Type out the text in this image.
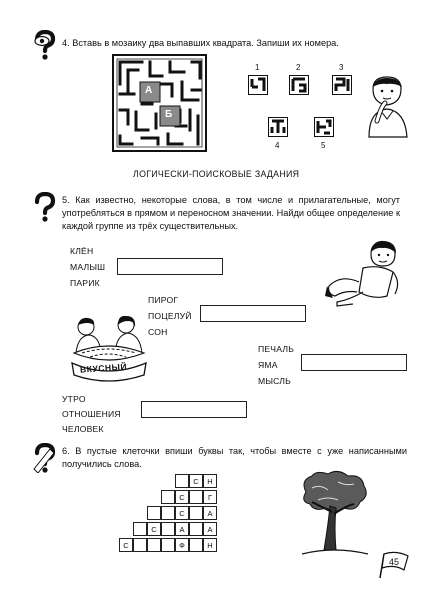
4. Вставь в мозаику два выпавших квадрата. Запиши их номера.
А
Б
1	2	3
4	5
ЛОГИЧЕСКИ-ПОИСКОВЫЕ ЗАДАНИЯ
5. Как известно, некоторые слова, в том числе и прилагательные, могут употребляться в прямом и переносном значении. Найди общее определение к каждой группе из трёх существительных.
КЛЁН
МАЛЫШ
ПАРИК
ПИРОГ
ПОЦЕЛУЙ
СОН
ПЕЧАЛЬ
ЯМА
МЫСЛЬ
УТРО
ОТНОШЕНИЯ
ЧЕЛОВЕК
ВКУСНЫЙ
6. В пустые клеточки впиши буквы так, чтобы вместе с уже написанными получились слова.
С	Н
С	Г
С	А
С	А	А
С	Ф	Н
45
